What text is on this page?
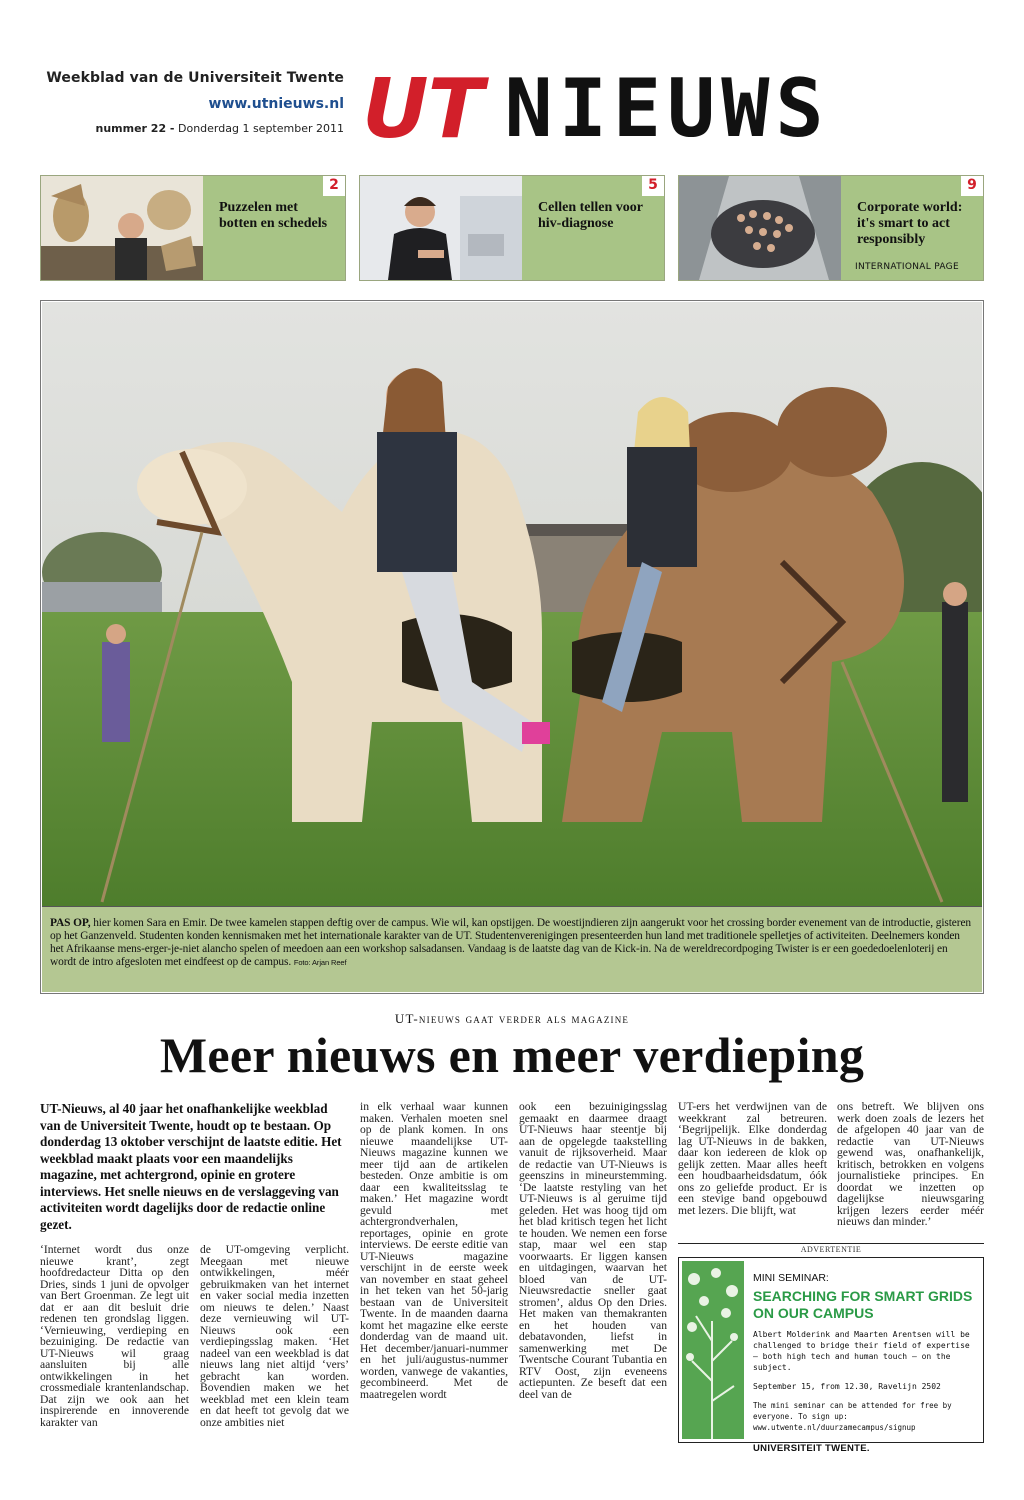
Weekblad van de Universiteit Twente
www.utnieuws.nl
nummer 22 - Donderdag 1 september 2011 UT NIEUWS
2
Puzzelen met botten en schedels
5
Cellen tellen voor hiv-diagnose
9
Corporate world: it's smart to act responsibly
INTERNATIONAL PAGE
PAS OP, hier komen Sara en Emir. De twee kamelen stappen deftig over de campus. Wie wil, kan opstijgen. De woestijndieren zijn aangerukt voor het crossing border evenement van de introductie, gisteren op het Ganzenveld. Studenten konden kennismaken met het internationale karakter van de UT. Studentenverenigingen presenteerden hun land met traditionele spelletjes of activiteiten. Deelnemers konden het Afrikaanse mens-erger-je-niet alancho spelen of meedoen aan een workshop salsadansen. Vandaag is de laatste dag van de Kick-in. Na de wereldrecordpoging Twister is er een goededoelenloterij en wordt de intro afgesloten met eindfeest op de campus. Foto: Arjan Reef
UT-nieuws gaat verder als magazine
Meer nieuws en meer verdieping
UT-Nieuws, al 40 jaar het onafhankelijke weekblad van de Universiteit Twente, houdt op te bestaan. Op donderdag 13 oktober verschijnt de laatste editie. Het weekblad maakt plaats voor een maandelijks magazine, met achtergrond, opinie en grotere interviews. Het snelle nieuws en de verslaggeving van activiteiten wordt dagelijks door de redactie online gezet.
‘Internet wordt dus onze nieuwe krant’, zegt hoofdredacteur Ditta op den Dries, sinds 1 juni de opvolger van Bert Groenman. Ze legt uit dat er aan dit besluit drie redenen ten grondslag liggen. ‘Vernieuwing, verdieping en bezuiniging. De redactie van UT-Nieuws wil graag aansluiten bij alle ontwikkelingen in het crossmediale krantenlandschap. Dat zijn we ook aan het inspirerende en innoverende karakter van
de UT-omgeving verplicht. Meegaan met nieuwe ontwikkelingen, méér gebruikmaken van het internet en vaker social media inzetten om nieuws te delen.’ Naast deze vernieuwing wil UT-Nieuws ook een verdiepingsslag maken. ‘Het nadeel van een weekblad is dat nieuws lang niet altijd ‘vers’ gebracht kan worden. Bovendien maken we het weekblad met een klein team en dat heeft tot gevolg dat we onze ambities niet
in elk verhaal waar kunnen maken. Verhalen moeten snel op de plank komen. In ons nieuwe maandelijkse UT-Nieuws magazine kunnen we meer tijd aan de artikelen besteden. Onze ambitie is om daar een kwaliteitsslag te maken.’ Het magazine wordt gevuld met achtergrondverhalen, reportages, opinie en grote interviews. De eerste editie van UT-Nieuws magazine verschijnt in de eerste week van november en staat geheel in het teken van het 50-jarig bestaan van de Universiteit Twente. In de maanden daarna komt het magazine elke eerste donderdag van de maand uit. Het december/januari-nummer en het juli/augustus-nummer worden, vanwege de vakanties, gecombineerd. Met de maatregelen wordt
ook een bezuinigingsslag gemaakt en daarmee draagt UT-Nieuws haar steentje bij aan de opgelegde taakstelling vanuit de rijksoverheid. Maar de redactie van UT-Nieuws is geenszins in mineurstemming. ‘De laatste restyling van het UT-Nieuws is al geruime tijd geleden. Het was hoog tijd om het blad kritisch tegen het licht te houden. We nemen een forse stap, maar wel een stap voorwaarts. Er liggen kansen en uitdagingen, waarvan het bloed van de UT-Nieuwsredactie sneller gaat stromen’, aldus Op den Dries. Het maken van themakranten en het houden van debatavonden, liefst in samenwerking met De Twentsche Courant Tubantia en RTV Oost, zijn eveneens actiepunten. Ze beseft dat een deel van de
UT-ers het verdwijnen van de weekkrant zal betreuren. ‘Begrijpelijk. Elke donderdag lag UT-Nieuws in de bakken, daar kon iedereen de klok op gelijk zetten. Maar alles heeft een houdbaarheidsdatum, óók ons zo geliefde product. Er is een stevige band opgebouwd met lezers. Die blijft, wat
ons betreft. We blijven ons werk doen zoals de lezers het de afgelopen 40 jaar van de redactie van UT-Nieuws gewend was, onafhankelijk, kritisch, betrokken en volgens journalistieke principes. En doordat we inzetten op dagelijkse nieuwsgaring krijgen lezers eerder méér nieuws dan minder.’
ADVERTENTIE
MINI SEMINAR:
SEARCHING FOR SMART GRIDS ON OUR CAMPUS
Albert Molderink and Maarten Arentsen will be challenged to bridge their field of expertise – both high tech and human touch – on the subject.
September 15, from 12.30, Ravelijn 2502
The mini seminar can be attended for free by everyone. To sign up: www.utwente.nl/duurzamecampus/signup
UNIVERSITEIT TWENTE.
